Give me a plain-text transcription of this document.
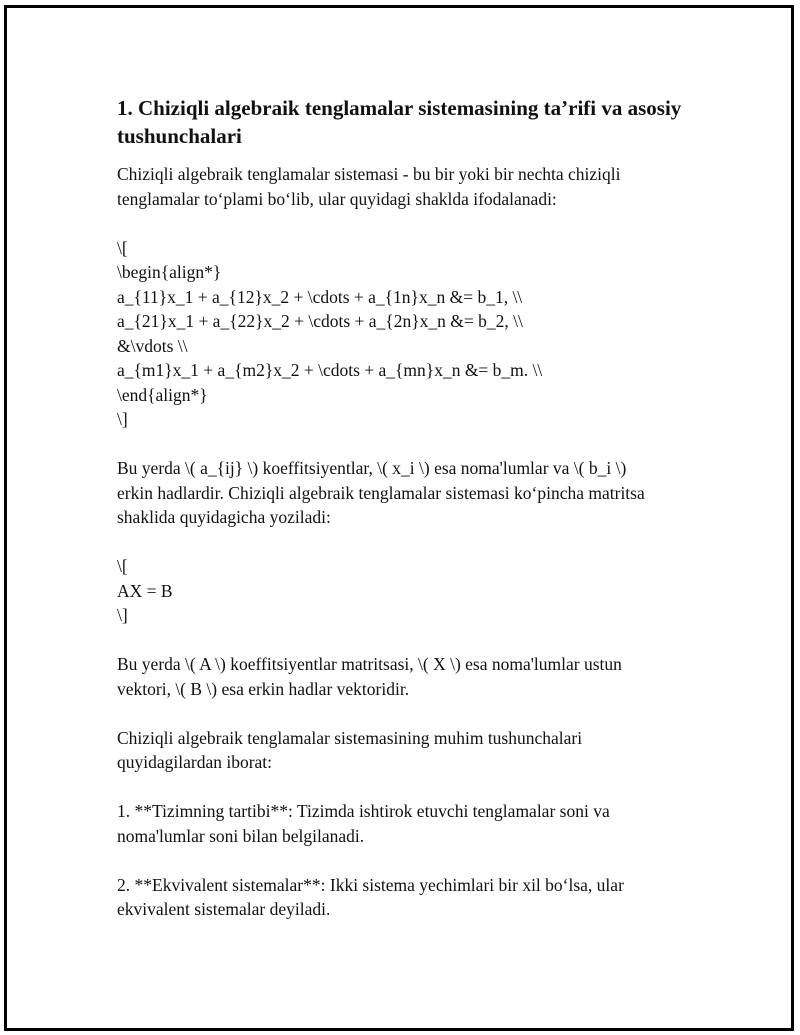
1. Chiziqli algebraik tenglamalar sistemasining ta’rifi va asosiy tushunchalari

Chiziqli algebraik tenglamalar sistemasi - bu bir yoki bir nechta chiziqli
tenglamalar to‘plami bo‘lib, ular quyidagi shaklda ifodalanadi:

\[
\begin{align*}
a_{11}x_1 + a_{12}x_2 + \cdots + a_{1n}x_n &= b_1, \\
a_{21}x_1 + a_{22}x_2 + \cdots + a_{2n}x_n &= b_2, \\
&\vdots \\
a_{m1}x_1 + a_{m2}x_2 + \cdots + a_{mn}x_n &= b_m. \\
\end{align*}
\]

Bu yerda \( a_{ij} \) koeffitsiyentlar, \( x_i \) esa noma'lumlar va \( b_i \)
erkin hadlardir. Chiziqli algebraik tenglamalar sistemasi ko‘pincha matritsa
shaklida quyidagicha yoziladi:

\[
AX = B
\]

Bu yerda \( A \) koeffitsiyentlar matritsasi, \( X \) esa noma'lumlar ustun
vektori, \( B \) esa erkin hadlar vektoridir.

Chiziqli algebraik tenglamalar sistemasining muhim tushunchalari
quyidagilardan iborat:

1. **Tizimning tartibi**: Tizimda ishtirok etuvchi tenglamalar soni va
noma'lumlar soni bilan belgilanadi.

2. **Ekvivalent sistemalar**: Ikki sistema yechimlari bir xil bo‘lsa, ular
ekvivalent sistemalar deyiladi.
